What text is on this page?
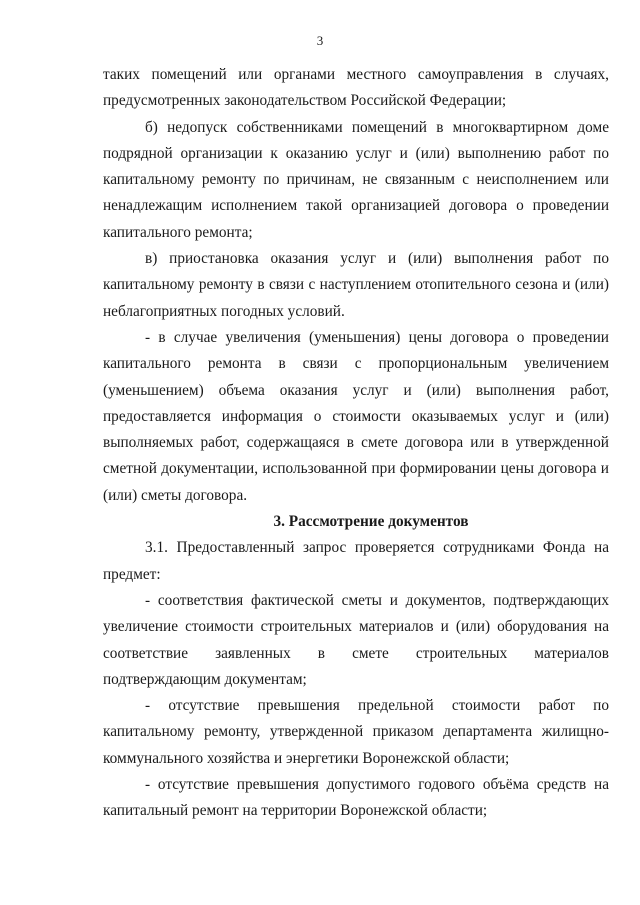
3

таких помещений или органами местного самоуправления в случаях, предусмотренных законодательством Российской Федерации;

б) недопуск собственниками помещений в многоквартирном доме подрядной организации к оказанию услуг и (или) выполнению работ по капитальному ремонту по причинам, не связанным с неисполнением или ненадлежащим исполнением такой организацией договора о проведении капитального ремонта;

в) приостановка оказания услуг и (или) выполнения работ по капитальному ремонту в связи с наступлением отопительного сезона и (или) неблагоприятных погодных условий.

- в случае увеличения (уменьшения) цены договора о проведении капитального ремонта в связи с пропорциональным увеличением (уменьшением) объема оказания услуг и (или) выполнения работ, предоставляется информация о стоимости оказываемых услуг и (или) выполняемых работ, содержащаяся в смете договора или в утвержденной сметной документации, использованной при формировании цены договора и (или) сметы договора.

3. Рассмотрение документов

3.1. Предоставленный запрос проверяется сотрудниками Фонда на предмет:

- соответствия фактической сметы и документов, подтверждающих увеличение стоимости строительных материалов и (или) оборудования на соответствие заявленных в смете строительных материалов подтверждающим документам;

- отсутствие превышения предельной стоимости работ по капитальному ремонту, утвержденной приказом департамента жилищно-коммунального хозяйства и энергетики Воронежской области;

- отсутствие превышения допустимого годового объёма средств на капитальный ремонт на территории Воронежской области;
